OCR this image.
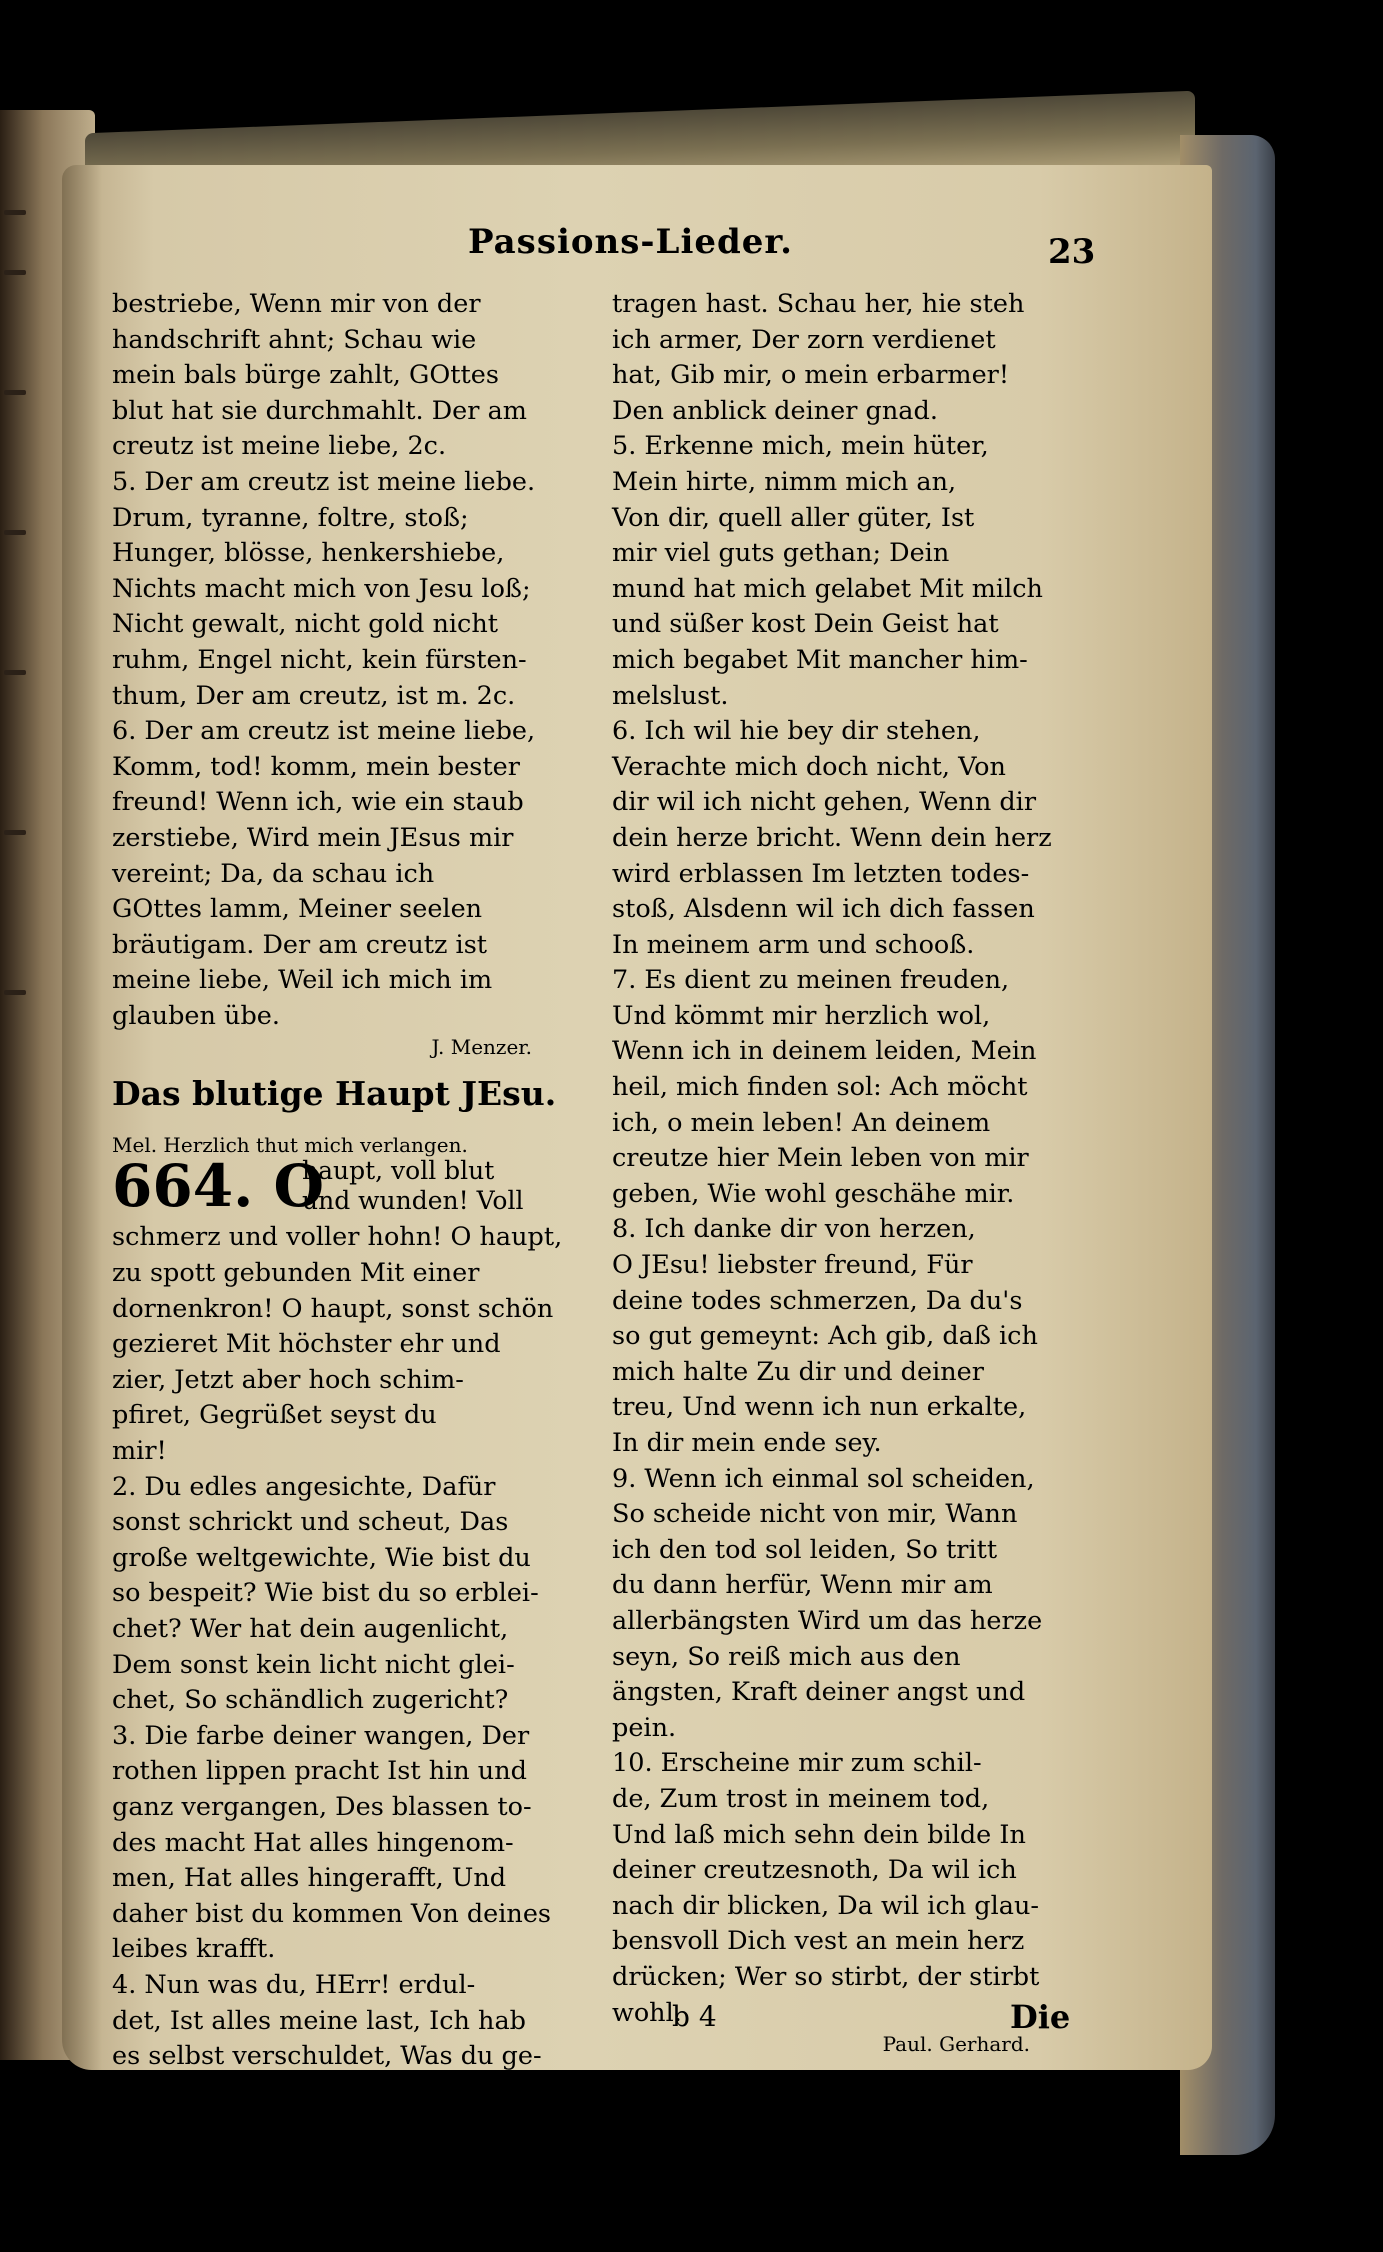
Passions-Lieder.	23
bestriebe, Wenn mir von der
handschrift ahnt; Schau wie
mein bals bürge zahlt, GOttes
blut hat sie durchmahlt. Der am
creutz ist meine liebe, 2c.
5. Der am creutz ist meine liebe.
Drum, tyranne, foltre, stoß;
Hunger, blösse, henkershiebe,
Nichts macht mich von Jesu loß;
Nicht gewalt, nicht gold nicht
ruhm, Engel nicht, kein fürsten-
thum, Der am creutz, ist m. 2c.
6. Der am creutz ist meine liebe,
Komm, tod! komm, mein bester
freund! Wenn ich, wie ein staub
zerstiebe, Wird mein JEsus mir
vereint; Da, da schau ich
GOttes lamm, Meiner seelen
bräutigam. Der am creutz ist
meine liebe, Weil ich mich im
glauben übe.
J. Menzer.
Das blutige Haupt JEsu.
Mel. Herzlich thut mich verlangen.
664. O
haupt, voll blut
und wunden! Voll
schmerz und voller hohn! O haupt,
zu spott gebunden Mit einer
dornenkron! O haupt, sonst schön
gezieret Mit höchster ehr und
zier, Jetzt aber hoch schim-
pfiret, Gegrüßet seyst du
mir!
2. Du edles angesichte, Dafür
sonst schrickt und scheut, Das
große weltgewichte, Wie bist du
so bespeit? Wie bist du so erblei-
chet? Wer hat dein augenlicht,
Dem sonst kein licht nicht glei-
chet, So schändlich zugericht?
3. Die farbe deiner wangen, Der
rothen lippen pracht Ist hin und
ganz vergangen, Des blassen to-
des macht Hat alles hingenom-
men, Hat alles hingerafft, Und
daher bist du kommen Von deines
leibes krafft.
4. Nun was du, HErr! erdul-
det, Ist alles meine last, Ich hab
es selbst verschuldet, Was du ge-
tragen hast. Schau her, hie steh
ich armer, Der zorn verdienet
hat, Gib mir, o mein erbarmer!
Den anblick deiner gnad.
5. Erkenne mich, mein hüter,
Mein hirte, nimm mich an,
Von dir, quell aller güter, Ist
mir viel guts gethan; Dein
mund hat mich gelabet Mit milch
und süßer kost Dein Geist hat
mich begabet Mit mancher him-
melslust.
6. Ich wil hie bey dir stehen,
Verachte mich doch nicht, Von
dir wil ich nicht gehen, Wenn dir
dein herze bricht. Wenn dein herz
wird erblassen Im letzten todes-
stoß, Alsdenn wil ich dich fassen
In meinem arm und schooß.
7. Es dient zu meinen freuden,
Und kömmt mir herzlich wol,
Wenn ich in deinem leiden, Mein
heil, mich finden sol: Ach möcht
ich, o mein leben! An deinem
creutze hier Mein leben von mir
geben, Wie wohl geschähe mir.
8. Ich danke dir von herzen,
O JEsu! liebster freund, Für
deine todes schmerzen, Da du's
so gut gemeynt: Ach gib, daß ich
mich halte Zu dir und deiner
treu, Und wenn ich nun erkalte,
In dir mein ende sey.
9. Wenn ich einmal sol scheiden,
So scheide nicht von mir, Wann
ich den tod sol leiden, So tritt
du dann herfür, Wenn mir am
allerbängsten Wird um das herze
seyn, So reiß mich aus den
ängsten, Kraft deiner angst und
pein.
10. Erscheine mir zum schil-
de, Zum trost in meinem tod,
Und laß mich sehn dein bilde In
deiner creutzesnoth, Da wil ich
nach dir blicken, Da wil ich glau-
bensvoll Dich vest an mein herz
drücken; Wer so stirbt, der stirbt
wohl.
Paul. Gerhard.
b 4	Die
